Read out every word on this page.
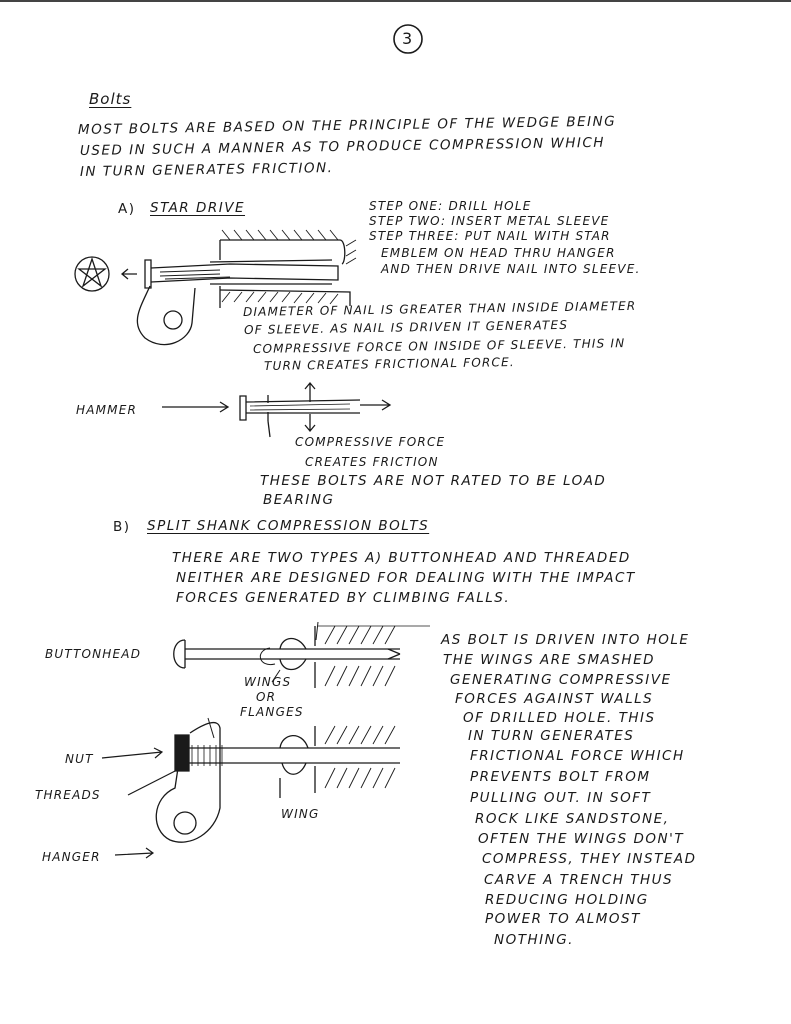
3
Bolts
MOST BOLTS ARE BASED ON THE PRINCIPLE OF THE WEDGE BEING
USED IN SUCH A MANNER AS TO PRODUCE COMPRESSION WHICH
IN TURN GENERATES FRICTION.
A) STAR DRIVE	STEP ONE: DRILL HOLE
STEP TWO: INSERT METAL SLEEVE
STEP THREE: PUT NAIL WITH STAR
EMBLEM ON HEAD THRU HANGER
AND THEN DRIVE NAIL INTO SLEEVE.
DIAMETER OF NAIL IS GREATER THAN INSIDE DIAMETER
OF SLEEVE. AS NAIL IS DRIVEN IT GENERATES
COMPRESSIVE FORCE ON INSIDE OF SLEEVE. THIS IN
TURN CREATES FRICTIONAL FORCE.
HAMMER
COMPRESSIVE FORCE
CREATES FRICTION
THESE BOLTS ARE NOT RATED TO BE LOAD
BEARING
B) SPLIT SHANK COMPRESSION BOLTS
THERE ARE TWO TYPES A) BUTTONHEAD AND THREADED
NEITHER ARE DESIGNED FOR DEALING WITH THE IMPACT
FORCES GENERATED BY CLIMBING FALLS.
BUTTONHEAD
WINGS
OR
FLANGES
NUT
THREADS
WING
HANGER
AS BOLT IS DRIVEN INTO HOLE
THE WINGS ARE SMASHED
GENERATING COMPRESSIVE
FORCES AGAINST WALLS
OF DRILLED HOLE. THIS
IN TURN GENERATES
FRICTIONAL FORCE WHICH
PREVENTS BOLT FROM
PULLING OUT. IN SOFT
ROCK LIKE SANDSTONE,
OFTEN THE WINGS DON'T
COMPRESS, THEY INSTEAD
CARVE A TRENCH THUS
REDUCING HOLDING
POWER TO ALMOST
NOTHING.
